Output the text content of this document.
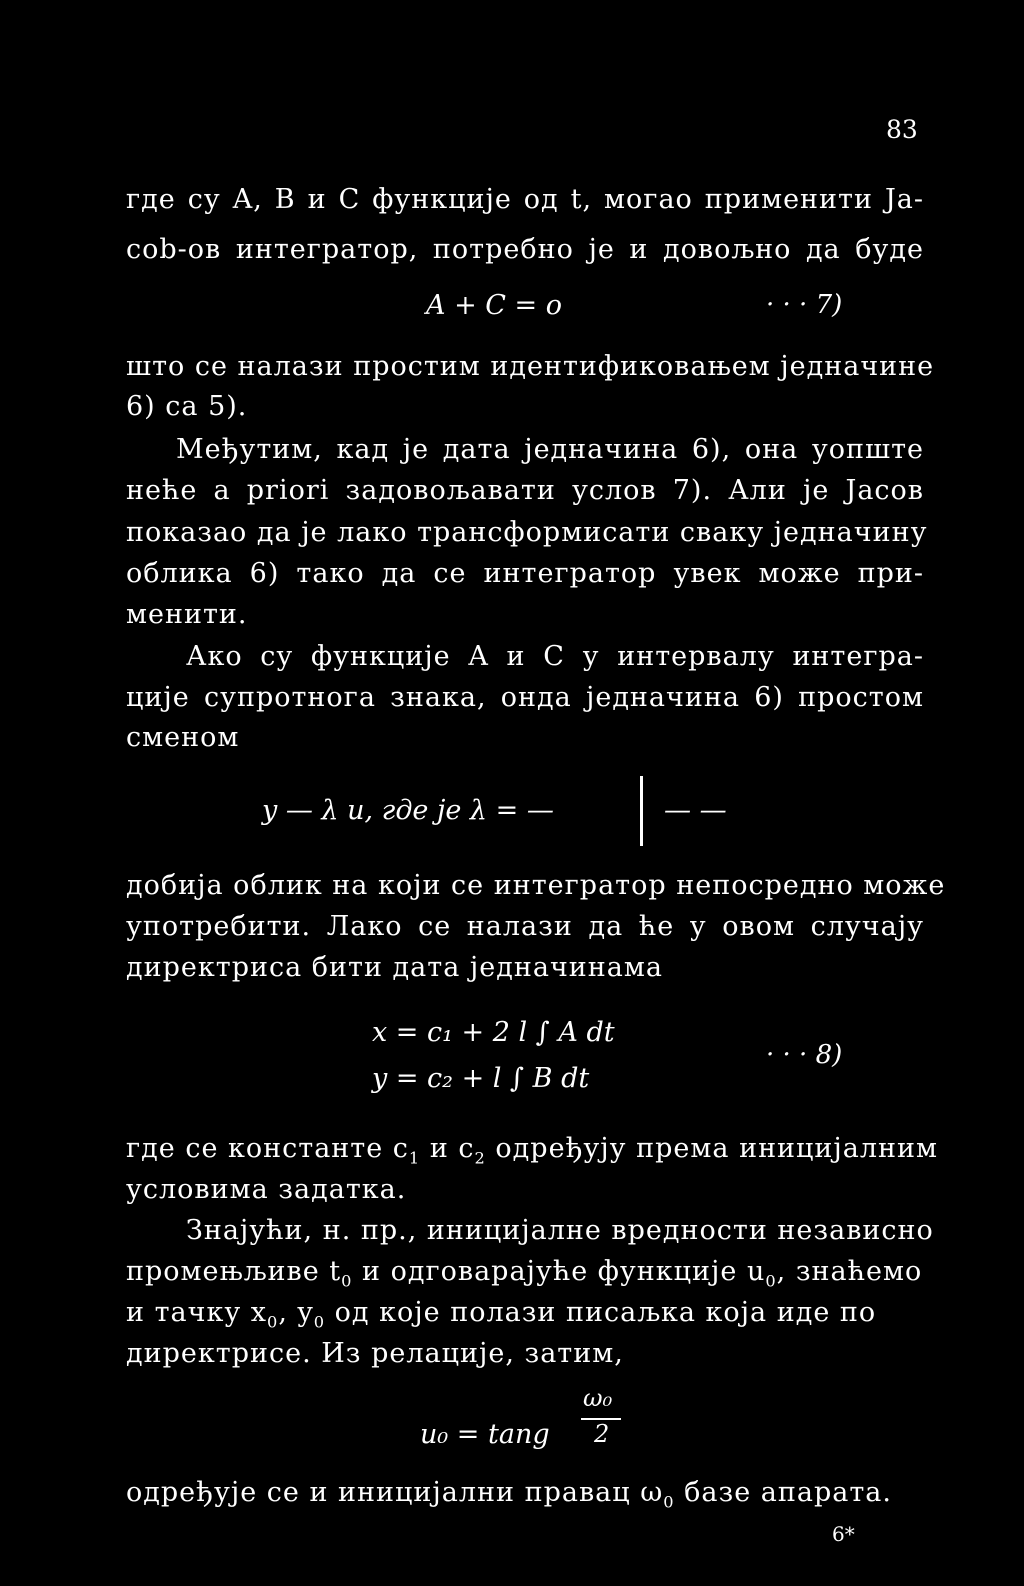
83
где су A, B и C функције од t, могао применити Ja-
cob-ов интегратор, потребно је и довољно да буде
A + C = o	· · · 7)
што се налази простим идентификовањем једначине
6) са 5).
Међутим, кад је дата једначина 6), она уопште
неће a priori задовољавати услов 7). Али је Јасов
показао да је лако трансформисати сваку једначину
облика 6) тако да се интегратор увек може при-
менити.
Ако су функције A и C у интервалу интегра-
ције супротнога знака, онда једначина 6) простом
сменом
y — λ u, где је λ = —	— —
добија облик на који се интегратор непосредно може
употребити. Лако се налази да ће у овом случају
директриса бити дата једначинама
x = c₁ + 2 l ∫ A dt
y = c₂ + l ∫ B dt
· · · 8)
где се константе $c_1$ и $c_2$ одређују према иницијалним
условима задатка.
Знајући, н. пр., иницијалне вредности независно
промењљиве $t_0$ и одговарајуће функције $u_0$, знаћемо
и тачку $x_0$, $y_0$ од које полази писаљка која иде по
директрисе. Из релације, затим,
u₀ = tang
ω₀
2
одређује се и иницијални правац $\omega_0$ базе апарата.
6*
